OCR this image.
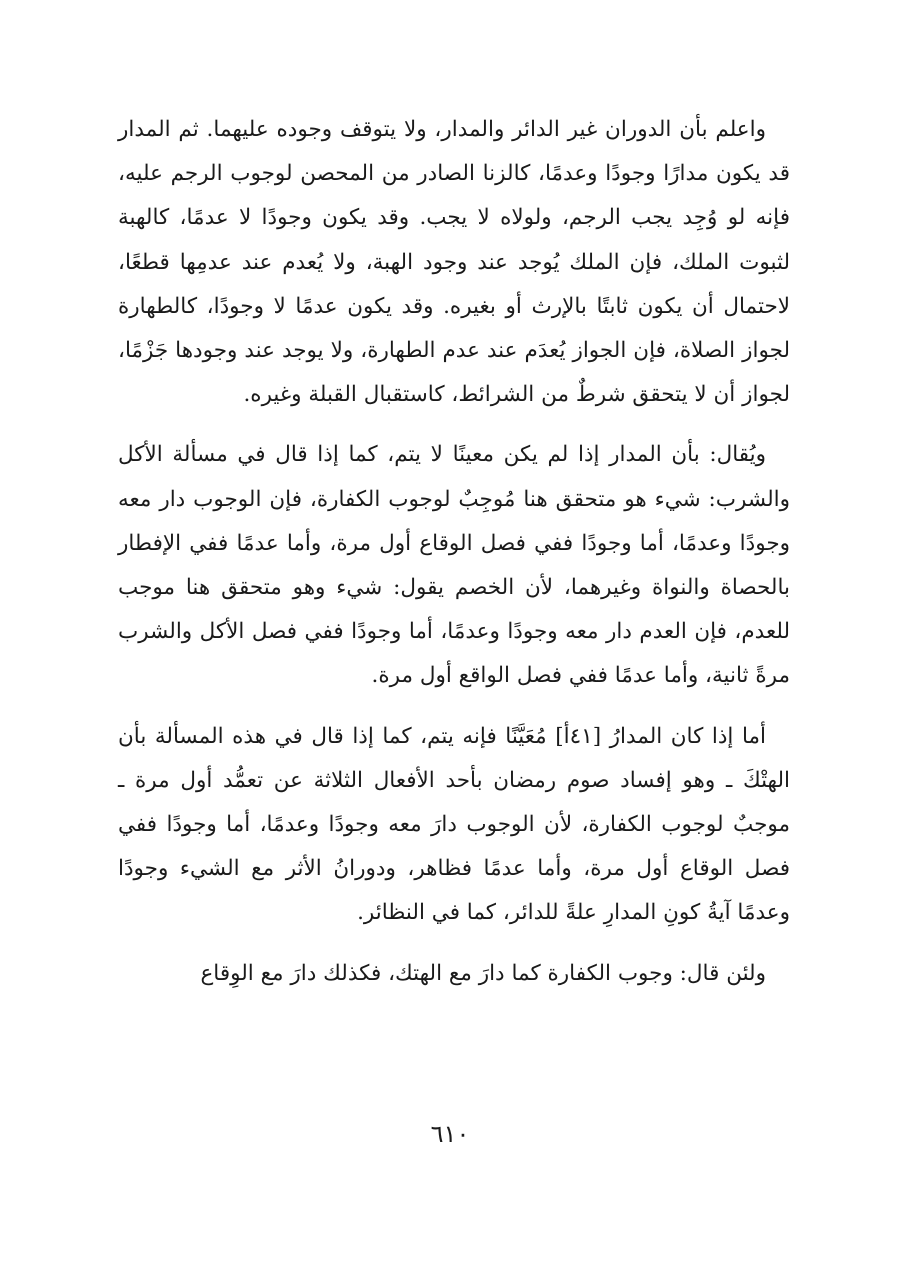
واعلم بأن الدوران غير الدائر والمدار، ولا يتوقف وجوده عليهما. ثم المدار قد يكون مدارًا وجودًا وعدمًا، كالزنا الصادر من المحصن لوجوب الرجم عليه، فإنه لو وُجِد يجب الرجم، ولولاه لا يجب. وقد يكون وجودًا لا عدمًا، كالهبة لثبوت الملك، فإن الملك يُوجد عند وجود الهبة، ولا يُعدم عند عدمِها قطعًا، لاحتمال أن يكون ثابتًا بالإرث أو بغيره. وقد يكون عدمًا لا وجودًا، كالطهارة لجواز الصلاة، فإن الجواز يُعدَم عند عدم الطهارة، ولا يوجد عند وجودها جَزْمًا، لجواز أن لا يتحقق شرطٌ من الشرائط، كاستقبال القبلة وغيره.

ويُقال: بأن المدار إذا لم يكن معينًا لا يتم، كما إذا قال في مسألة الأكل والشرب: شيء هو متحقق هنا مُوجِبٌ لوجوب الكفارة، فإن الوجوب دار معه وجودًا وعدمًا، أما وجودًا ففي فصل الوقاع أول مرة، وأما عدمًا ففي الإفطار بالحصاة والنواة وغيرهما، لأن الخصم يقول: شيء وهو متحقق هنا موجب للعدم، فإن العدم دار معه وجودًا وعدمًا، أما وجودًا ففي فصل الأكل والشرب مرةً ثانية، وأما عدمًا ففي فصل الواقع أول مرة.

أما إذا كان المدارُ [٤١أ] مُعَيَّنًا فإنه يتم، كما إذا قال في هذه المسألة بأن الهتْكَ ـ وهو إفساد صوم رمضان بأحد الأفعال الثلاثة عن تعمُّد أول مرة ـ موجبٌ لوجوب الكفارة، لأن الوجوب دارَ معه وجودًا وعدمًا، أما وجودًا ففي فصل الوقاع أول مرة، وأما عدمًا فظاهر، ودورانُ الأثر مع الشيء وجودًا وعدمًا آيةُ كونِ المدارِ علةً للدائر، كما في النظائر.

ولئن قال: وجوب الكفارة كما دارَ مع الهتك، فكذلك دارَ مع الوِقاع

٦١٠
